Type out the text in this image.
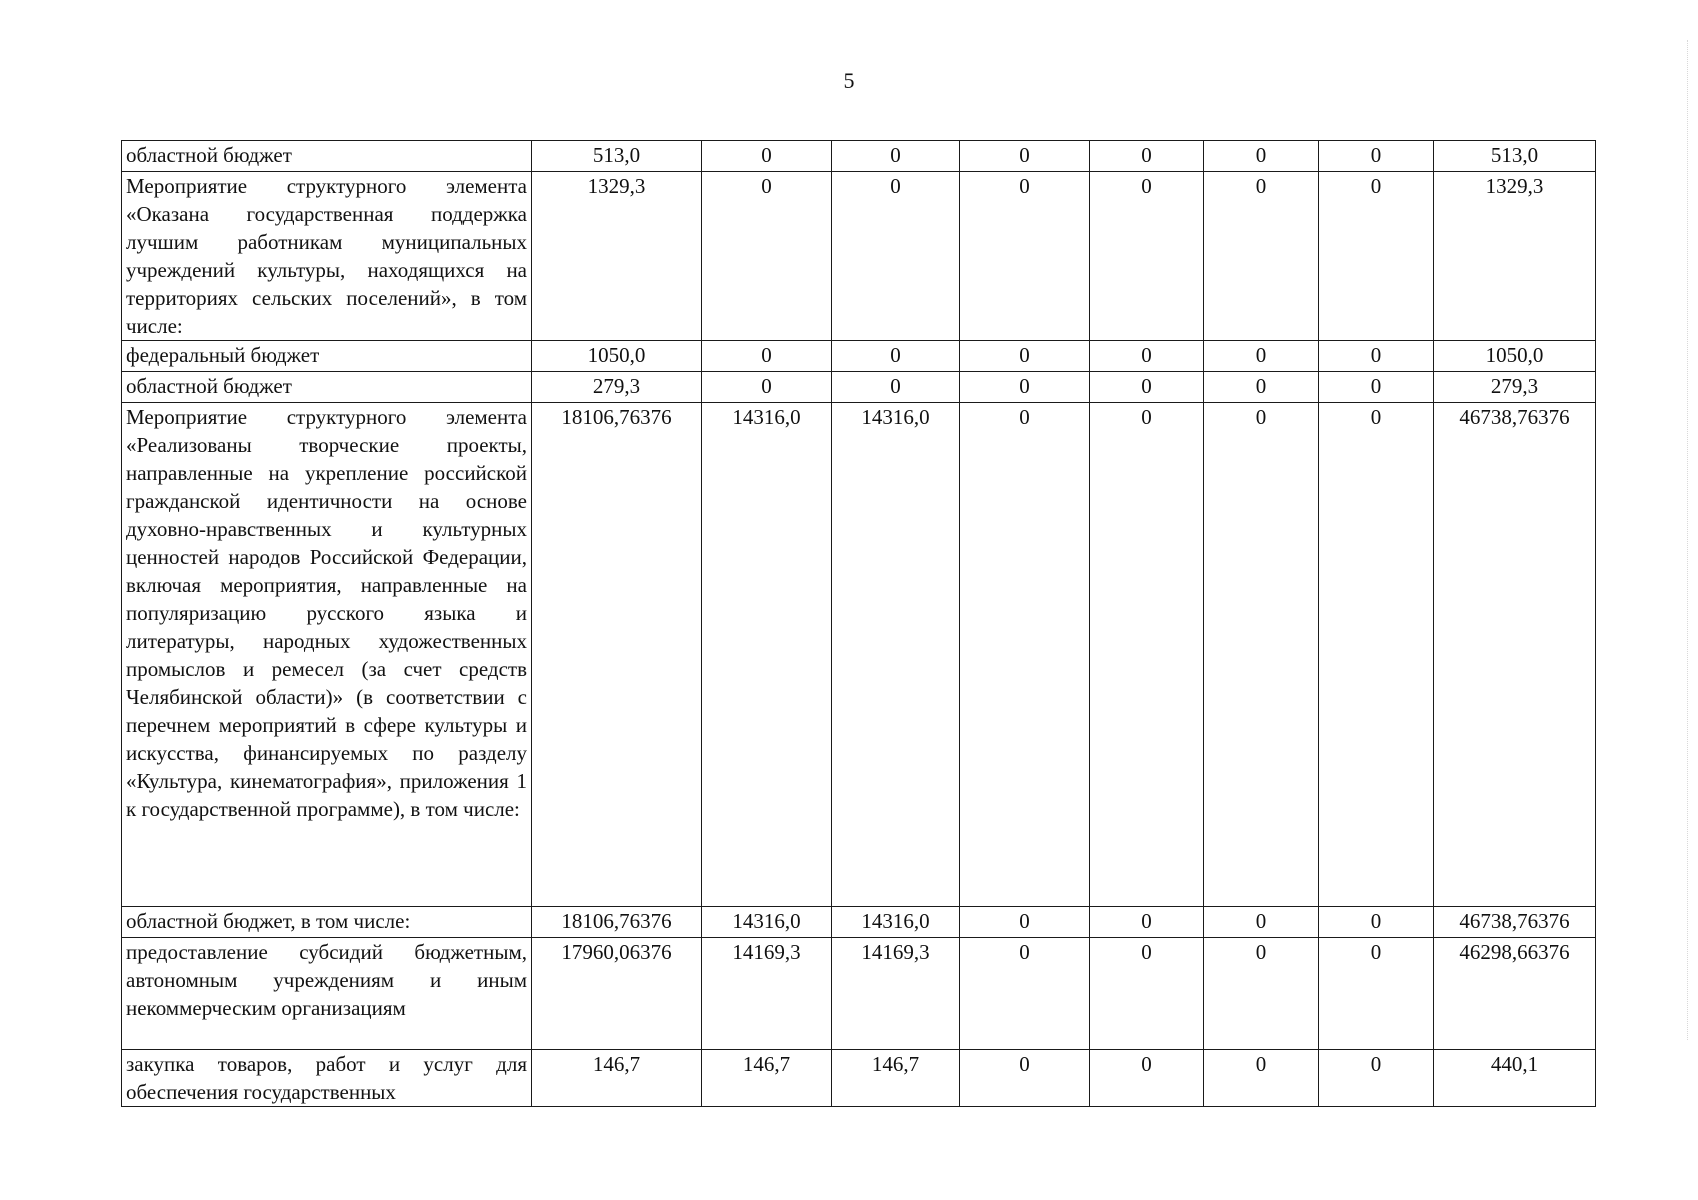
5
областной бюджет	513,0	0	0	0	0	0	0	513,0
Мероприятие структурного элемента «Оказана государственная поддержка лучшим работникам муниципальных учреждений культуры, находящихся на территориях сельских поселений», в том числе:	1329,3	0	0	0	0	0	0	1329,3
федеральный бюджет	1050,0	0	0	0	0	0	0	1050,0
областной бюджет	279,3	0	0	0	0	0	0	279,3
Мероприятие структурного элемента «Реализованы творческие проекты, направленные на укрепление российской гражданской идентичности на основе духовно-нравственных и культурных ценностей народов Российской Федерации, включая мероприятия, направленные на популяризацию русского языка и литературы, народных художественных промыслов и ремесел (за счет средств Челябинской области)» (в соответствии с перечнем мероприятий в сфере культуры и искусства, финансируемых по разделу «Культура, кинематография», приложения 1 к государственной программе), в том числе:	18106,76376	14316,0	14316,0	0	0	0	0	46738,76376
областной бюджет, в том числе:	18106,76376	14316,0	14316,0	0	0	0	0	46738,76376
предоставление субсидий бюджетным, автономным учреждениям и иным некоммерческим организациям	17960,06376	14169,3	14169,3	0	0	0	0	46298,66376
закупка товаров, работ и услуг для обеспечения государственных	146,7	146,7	146,7	0	0	0	0	440,1
